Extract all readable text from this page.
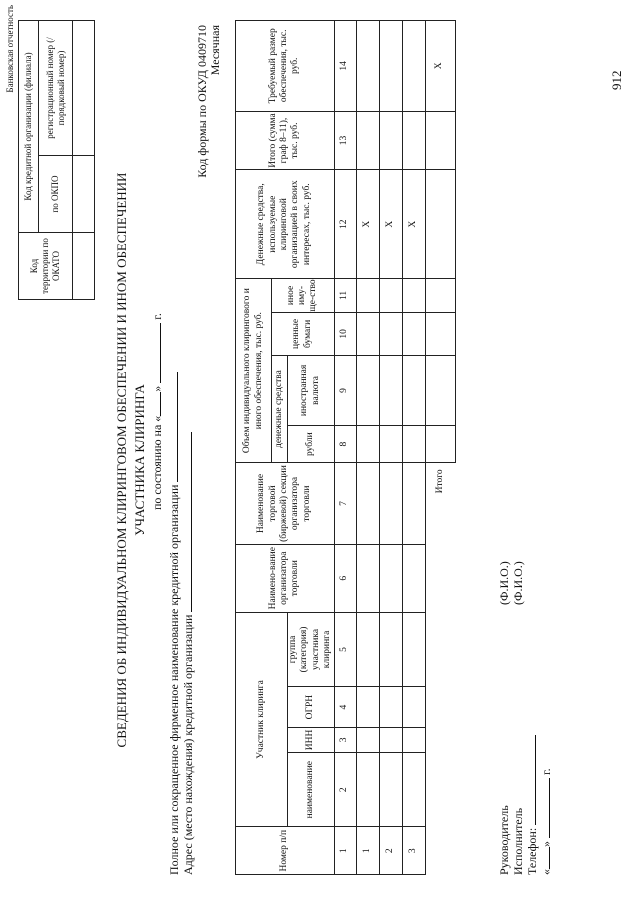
Банковская отчетность
Код территории по ОКАТО	Код кредитной организации (филиала)	
	по ОКПО	регистрационный номер (/порядковый номер)

СВЕДЕНИЯ ОБ ИНДИВИДУАЛЬНОМ КЛИРИНГОВОМ ОБЕСПЕЧЕНИИ И ИНОМ ОБЕСПЕЧЕНИИ УЧАСТНИКА КЛИРИНГА по состоянию на «»  г.
Полное или сокращенное фирменное наименование кредитной организации Адрес (место нахождения) кредитной организации
Код формы по ОКУД 0409710 Месячная
Номер п/п	Участник клиринга				Наимено-вание организатора торговли	Наименование торговой (биржевой) секции организатора торговли	Объем индивидуального клирингового и иного обеспечения, тыс. руб.				Денежные средства, используемые клиринговой организацией в своих интересах, тыс. руб.	Итого (сумма граф 8–11), тыс. руб.	Требуемый размер обеспечения, тыс. руб.
							денежные средства		ценные бумаги	иное иму-ще-ство			
	наименование	ИНН	ОГРН	группа (категория) участника клиринга			рубли	иностранная валюта					

1	2	3	4	5	6	7	8	9	10	11	12	13	14
1											X		
2											X		
3											X		
Итого													X
Руководитель
(Ф.И.О.)
Исполнитель
(Ф.И.О.)
Телефон: «»  г.
912
